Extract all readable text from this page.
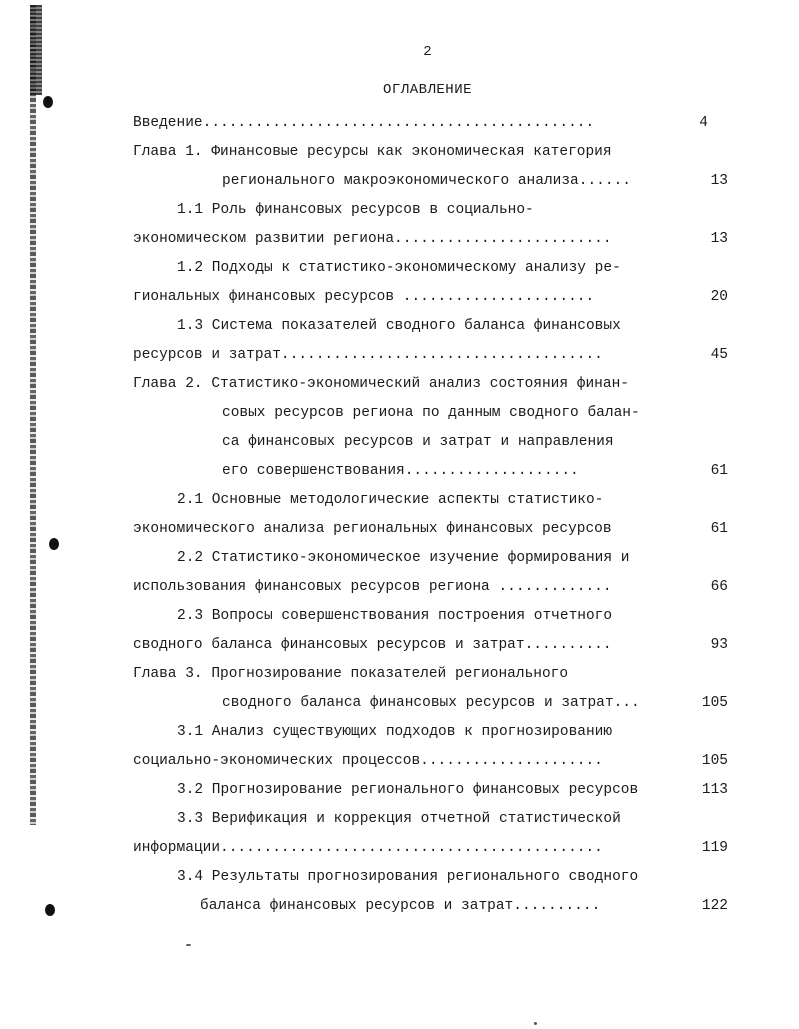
2
ОГЛАВЛЕНИЕ
Введение.............................................	4
Глава 1. Финансовые ресурсы как экономическая категория
регионального макроэкономического анализа......	13
1.1 Роль финансовых ресурсов в социально-
экономическом развитии региона.........................	13
1.2 Подходы к статистико-экономическому анализу ре-
гиональных финансовых ресурсов ......................	20
1.3 Система показателей сводного баланса финансовых
ресурсов и затрат.....................................	45
Глава 2. Статистико-экономический анализ состояния финан-
совых ресурсов региона по данным сводного балан-
са финансовых ресурсов и затрат и направления
его совершенствования....................	61
2.1 Основные методологические аспекты статистико-
экономического анализа региональных финансовых ресурсов	61
2.2 Статистико-экономическое изучение формирования и
использования финансовых ресурсов региона .............	66
2.3 Вопросы совершенствования построения отчетного
сводного баланса финансовых ресурсов и затрат..........	93
Глава 3. Прогнозирование показателей регионального
сводного баланса финансовых ресурсов и затрат...	105
3.1 Анализ существующих подходов к прогнозированию
социально-экономических процессов.....................	105
3.2 Прогнозирование регионального финансовых ресурсов	113
3.3 Верификация и коррекция отчетной статистической
информации............................................	119
3.4 Результаты прогнозирования регионального сводного
баланса финансовых ресурсов и затрат..........	122
